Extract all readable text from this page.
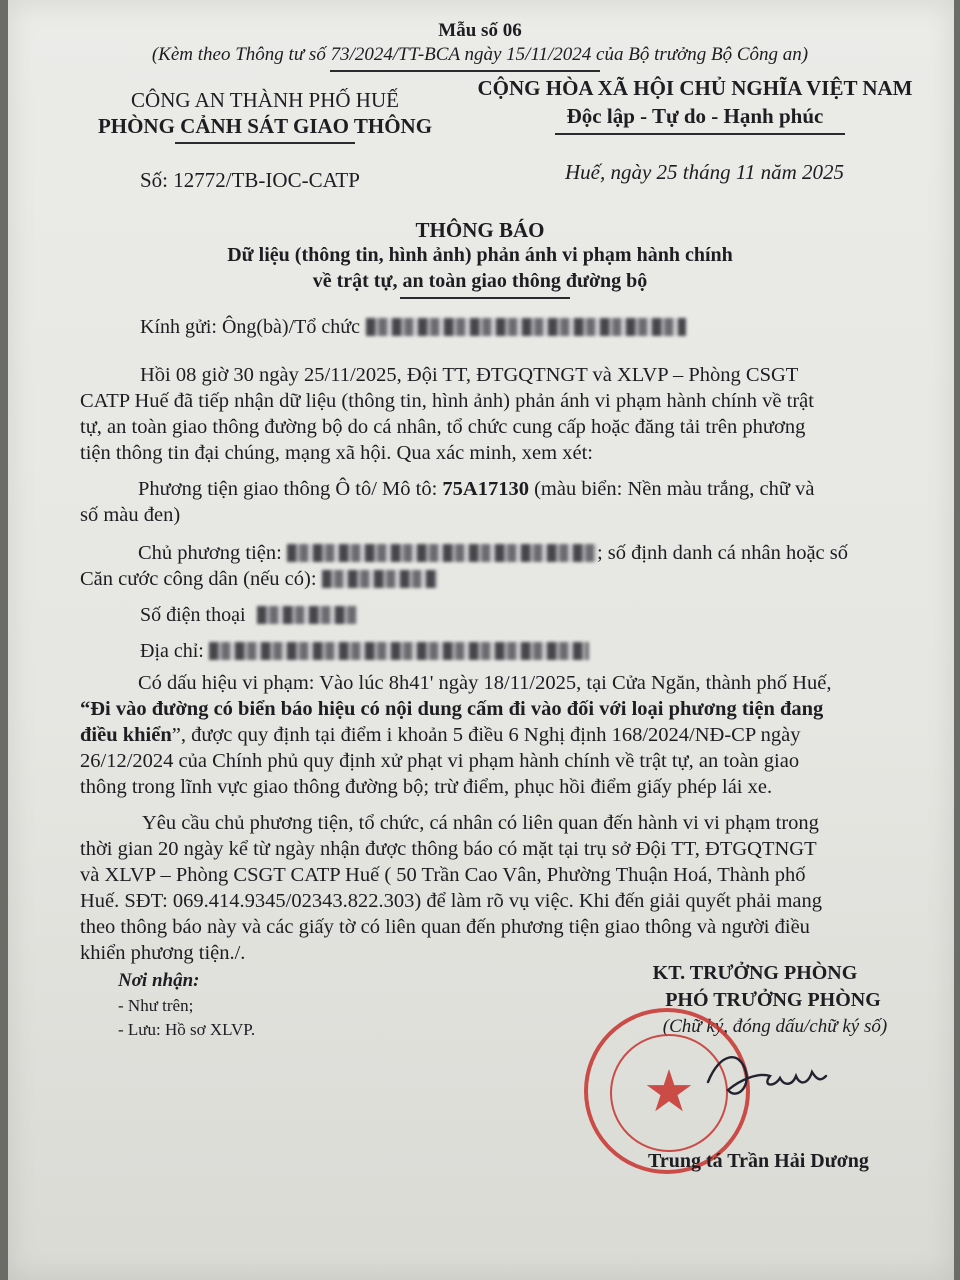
Mẫu số 06
(Kèm theo Thông tư số 73/2024/TT-BCA ngày 15/11/2024 của Bộ trưởng Bộ Công an)
CÔNG AN THÀNH PHỐ HUẾ
PHÒNG CẢNH SÁT GIAO THÔNG
Số: 12772/TB-IOC-CATP
CỘNG HÒA XÃ HỘI CHỦ NGHĨA VIỆT NAM
Độc lập - Tự do - Hạnh phúc
Huế, ngày 25 tháng 11 năm 2025
THÔNG BÁO
Dữ liệu (thông tin, hình ảnh) phản ánh vi phạm hành chính
về trật tự, an toàn giao thông đường bộ
Kính gửi: Ông(bà)/Tổ chức
Hồi 08 giờ 30 ngày 25/11/2025, Đội TT, ĐTGQTNGT và XLVP – Phòng CSGT
CATP Huế đã tiếp nhận dữ liệu (thông tin, hình ảnh) phản ánh vi phạm hành chính về trật
tự, an toàn giao thông đường bộ do cá nhân, tổ chức cung cấp hoặc đăng tải trên phương
tiện thông tin đại chúng, mạng xã hội. Qua xác minh, xem xét:
Phương tiện giao thông Ô tô/ Mô tô: 75A17130 (màu biển: Nền màu trắng, chữ và
số màu đen)
Chủ phương tiện:	; số định danh cá nhân hoặc số
Căn cước công dân (nếu có):
Số điện thoại
Địa chỉ:
Có dấu hiệu vi phạm: Vào lúc 8h41' ngày 18/11/2025, tại Cửa Ngăn, thành phố Huế,
“Đi vào đường có biển báo hiệu có nội dung cấm đi vào đối với loại phương tiện đang
điều khiển”, được quy định tại điểm i khoản 5 điều 6 Nghị định 168/2024/NĐ-CP ngày
26/12/2024 của Chính phủ quy định xử phạt vi phạm hành chính về trật tự, an toàn giao
thông trong lĩnh vực giao thông đường bộ; trừ điểm, phục hồi điểm giấy phép lái xe.
Yêu cầu chủ phương tiện, tổ chức, cá nhân có liên quan đến hành vi vi phạm trong
thời gian 20 ngày kể từ ngày nhận được thông báo có mặt tại trụ sở Đội TT, ĐTGQTNGT
và XLVP – Phòng CSGT CATP Huế ( 50 Trần Cao Vân, Phường Thuận Hoá, Thành phố
Huế. SĐT: 069.414.9345/02343.822.303) để làm rõ vụ việc. Khi đến giải quyết phải mang
theo thông báo này và các giấy tờ có liên quan đến phương tiện giao thông và người điều
khiển phương tiện./.
Nơi nhận:
- Như trên;
- Lưu: Hồ sơ XLVP.
KT. TRƯỞNG PHÒNG
PHÓ TRƯỞNG PHÒNG
(Chữ ký, đóng dấu/chữ ký số)
★
Trung tá Trần Hải Dương
